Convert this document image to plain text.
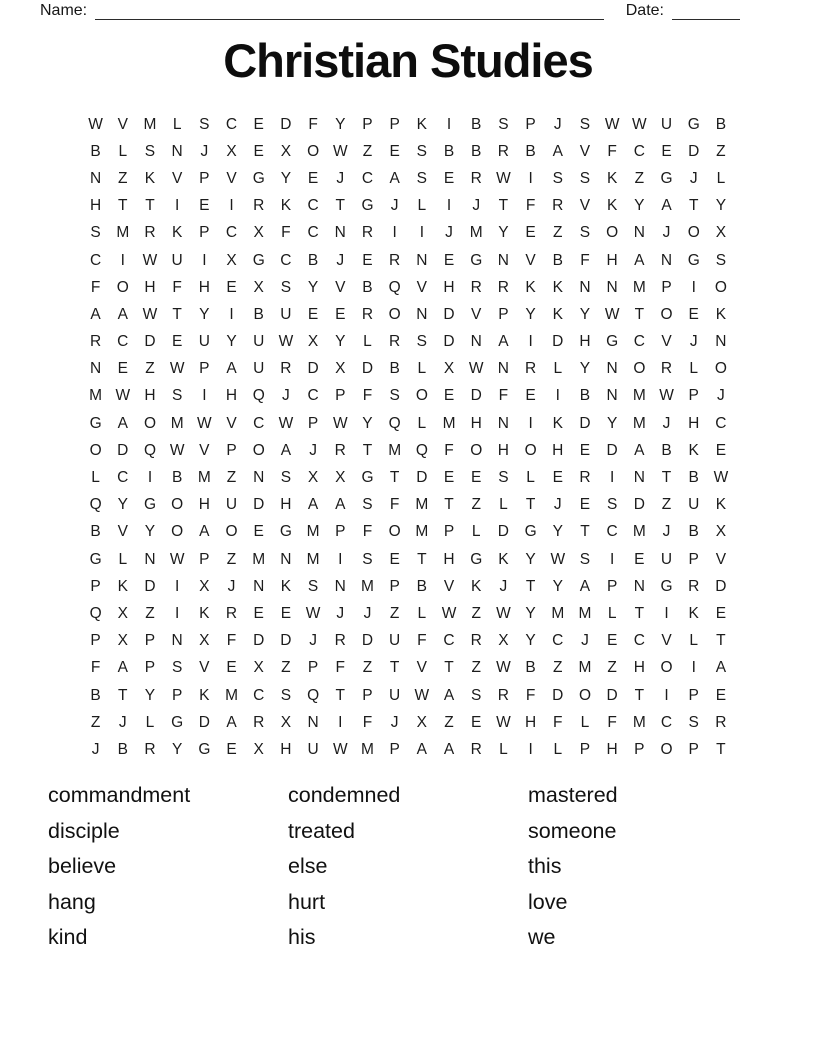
Name:	Date:
Christian Studies
W V	M	L	S	C	E	D	F	Y	P	P	K	I	B	S	P	J	S W W U	G	B
B	L	S	N	J	X	E	X	O W Z	E	S	B	B	R	B	A	V	F	C	E	D	Z
N	Z	K	V	P	V	G	Y	E	J	C	A	S	E	R W	I	S	S	K	Z	G	J	L
H	T	T	I	E	I	R	K	C	T	G	J	L	I	J	T	F	R	V	K	Y	A	T	Y
S	M R	K	P	C	X	F	C	N	R	I	I	J	M	Y	E	Z	S	O	N	J	O	X
C	I	W U	I	X	G	C	B	J	E	R	N	E	G	N	V	B	F	H	A	N	G	S
F	O	H	F	H	E	X	S	Y	V	B	Q	V	H	R	R	K	K	N	N M	P	I	O
A	A W T	Y	I	B	U	E	E	R	O	N	D	V	P	Y	K	Y W T	O	E	K
R	C	D	E	U	Y	U W X	Y	L	R	S	D	N	A	I	D	H	G	C	V	J	N
N	E	Z W P	A	U	R	D	X	D	B	L	X W N	R	L	Y	N	O	R	L	O
M W H	S	I	H	Q	J	C	P	F	S	O	E	D	F	E	I	B	N M W P	J
G	A	O M W V	C W P W Y	Q	L	M H	N	I	K	D	Y	M	J	H	C
O	D	Q W V	P	O	A	J	R	T	M Q	F	O	H	O	H	E	D	A	B	K	E
L	C	I	B	M	Z	N	S	X	X	G	T	D	E	E	S	L	E	R	I	N	T	B W
Q	Y	G O	H	U	D	H	A	A	S	F	M	T	Z	L	T	J	E	S	D	Z	U	K
B	V	Y	O	A	O	E	G M	P	F	O M	P	L	D	G	Y	T	C M	J	B	X
G	L	N W P	Z	M N M	I	S	E	T	H	G	K	Y W S	I	E	U	P	V
P	K	D	I	X	J	N	K	S	N M	P	B	V	K	J	T	Y	A	P	N	G	R	D
Q	X	Z	I	K	R	E	E W	J	J	Z	L	W Z W Y	M M	L	T	I	K	E
P	X	P	N	X	F	D	D	J	R	D	U	F	C	R	X	Y	C	J	E	C	V	L	T
F	A	P	S	V	E	X	Z	P	F	Z	T	V	T	Z W B	Z	M	Z	H	O	I	A
B	T	Y	P	K	M C	S	Q	T	P	U W A	S	R	F	D	O	D	T	I	P	E
Z	J	L	G	D	A	R	X	N	I	F	J	X	Z	E W H	F	L	F	M C	S	R
J	B	R	Y	G	E	X	H	U W M	P	A	A	R	L	I	L	P	H	P	O	P	T
commandment
disciple
believe
hang
kind
condemned
treated
else
hurt
his
mastered
someone
this
love
we
